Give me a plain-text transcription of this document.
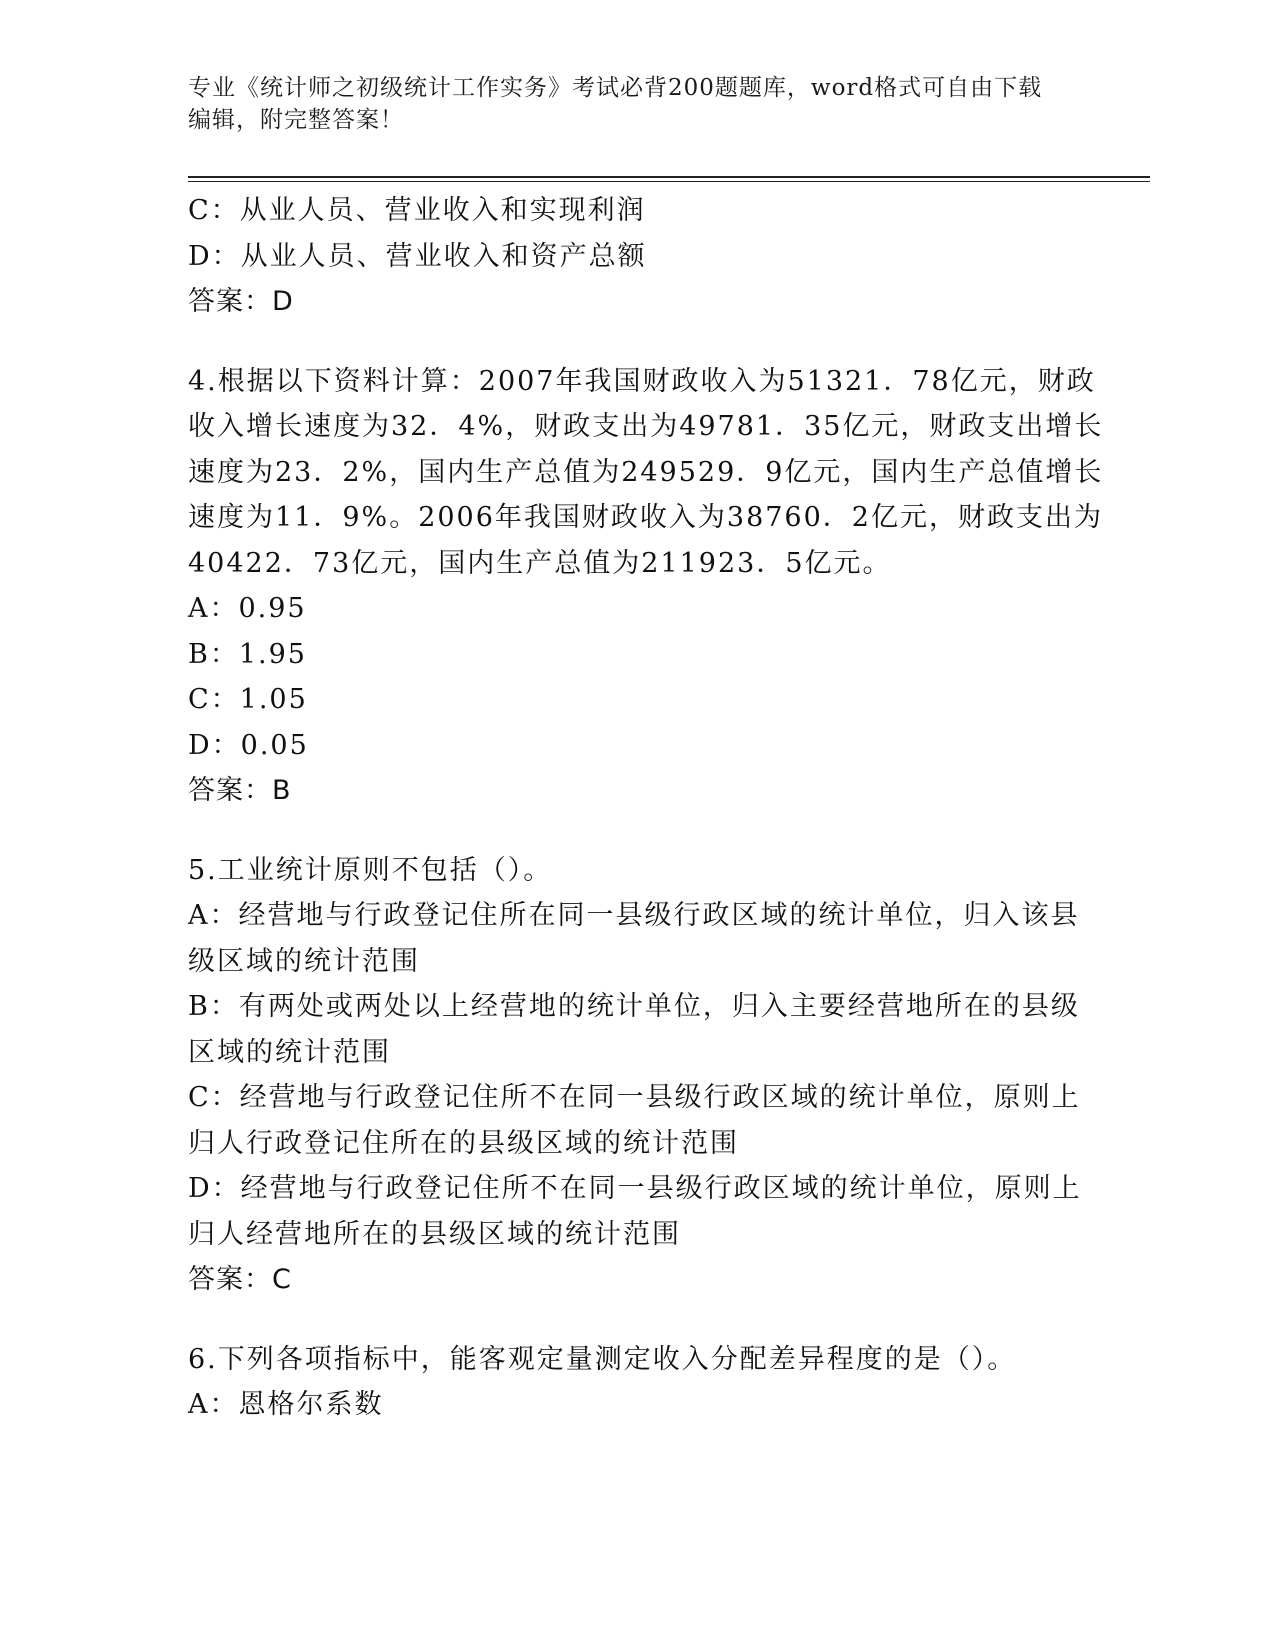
专业《统计师之初级统计工作实务》考试必背200题题库，word格式可自由下载
编辑，附完整答案！
C：从业人员、营业收入和实现利润
D：从业人员、营业收入和资产总额
答案：D
4.根据以下资料计算：2007年我国财政收入为51321．78亿元，财政
收入增长速度为32．4%，财政支出为49781．35亿元，财政支出增长
速度为23．2%，国内生产总值为249529．9亿元，国内生产总值增长
速度为11．9%。2006年我国财政收入为38760．2亿元，财政支出为
40422．73亿元，国内生产总值为211923．5亿元。
A：0.95
B：1.95
C：1.05
D：0.05
答案：B
5.工业统计原则不包括（）。
A：经营地与行政登记住所在同一县级行政区域的统计单位，归入该县
级区域的统计范围
B：有两处或两处以上经营地的统计单位，归入主要经营地所在的县级
区域的统计范围
C：经营地与行政登记住所不在同一县级行政区域的统计单位，原则上
归人行政登记住所在的县级区域的统计范围
D：经营地与行政登记住所不在同一县级行政区域的统计单位，原则上
归人经营地所在的县级区域的统计范围
答案：C
6.下列各项指标中，能客观定量测定收入分配差异程度的是（）。
A：恩格尔系数
